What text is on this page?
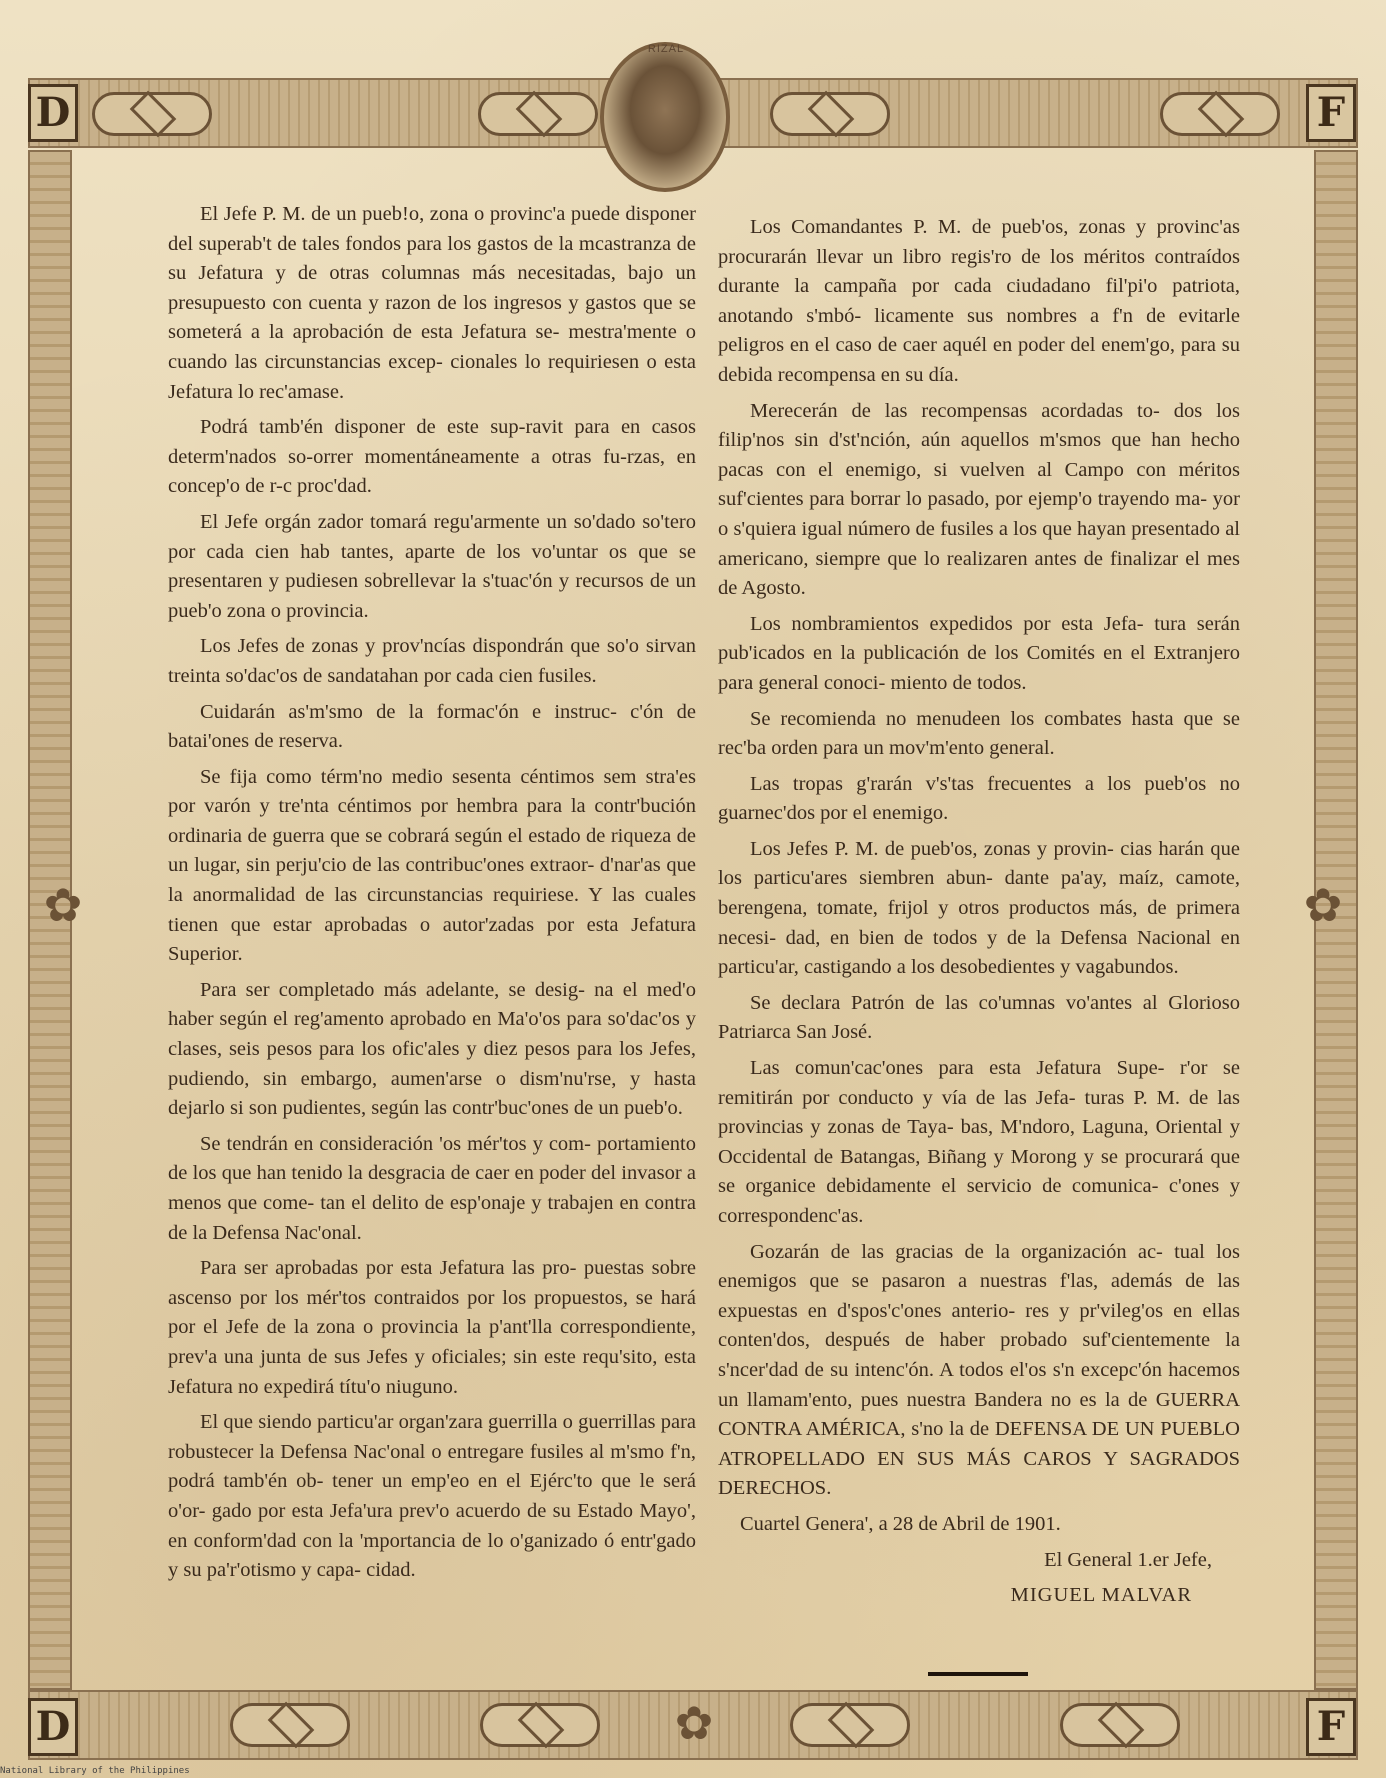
✿
✿	✿
D	F
D	F
RIZAL

El Jefe P. M. de un pueb!o, zona o provinc'a puede disponer del superab't de tales fondos para los gastos de la mcastranza de su Jefatura y de otras columnas más necesitadas, bajo un presupuesto con cuenta y razon de los ingresos y gastos que se someterá a la aprobación de esta Jefatura se- mestra'mente o cuando las circunstancias excep- cionales lo requiriesen o esta Jefatura lo rec'amase.

Podrá tamb'én disponer de este sup-ravit para en casos determ'nados so-orrer momentáneamente a otras fu-rzas, en concep'o de r-c proc'dad.

El Jefe orgán zador tomará regu'armente un so'dado so'tero por cada cien hab tantes, aparte de los vo'untar os que se presentaren y pudiesen sobrellevar la s'tuac'ón y recursos de un pueb'o zona o provincia.

Los Jefes de zonas y prov'ncías dispondrán que so'o sirvan treinta so'dac'os de sandatahan por cada cien fusiles.

Cuidarán as'm'smo de la formac'ón e instruc- c'ón de batai'ones de reserva.

Se fija como térm'no medio sesenta céntimos sem stra'es por varón y tre'nta céntimos por hembra para la contr'bución ordinaria de guerra que se cobrará según el estado de riqueza de un lugar, sin perju'cio de las contribuc'ones extraor- d'nar'as que la anormalidad de las circunstancias requiriese. Y las cuales tienen que estar aprobadas o autor'zadas por esta Jefatura Superior.

Para ser completado más adelante, se desig- na el med'o haber según el reg'amento aprobado en Ma'o'os para so'dac'os y clases, seis pesos para los ofic'ales y diez pesos para los Jefes, pudiendo, sin embargo, aumen'arse o dism'nu'rse, y hasta dejarlo si son pudientes, según las contr'buc'ones de un pueb'o.

Se tendrán en consideración 'os mér'tos y com- portamiento de los que han tenido la desgracia de caer en poder del invasor a menos que come- tan el delito de esp'onaje y trabajen en contra de la Defensa Nac'onal.

Para ser aprobadas por esta Jefatura las pro- puestas sobre ascenso por los mér'tos contraidos por los propuestos, se hará por el Jefe de la zona o provincia la p'ant'lla correspondiente, prev'a una junta de sus Jefes y oficiales; sin este requ'sito, esta Jefatura no expedirá títu'o niuguno.

El que siendo particu'ar organ'zara guerrilla o guerrillas para robustecer la Defensa Nac'onal o entregare fusiles al m'smo f'n, podrá tamb'én ob- tener un emp'eo en el Ejérc'to que le será o'or- gado por esta Jefa'ura prev'o acuerdo de su Estado Mayo', en conform'dad con la 'mportancia de lo o'ganizado ó entr'gado y su pa'r'otismo y capa- cidad.

Los Comandantes P. M. de pueb'os, zonas y provinc'as procurarán llevar un libro regis'ro de los méritos contraídos durante la campaña por cada ciudadano fil'pi'o patriota, anotando s'mbó- licamente sus nombres a f'n de evitarle peligros en el caso de caer aquél en poder del enem'go, para su debida recompensa en su día.

Merecerán de las recompensas acordadas to- dos los filip'nos sin d'st'nción, aún aquellos m'smos que han hecho pacas con el enemigo, si vuelven al Campo con méritos suf'cientes para borrar lo pasado, por ejemp'o trayendo ma- yor o s'quiera igual número de fusiles a los que hayan presentado al americano, siempre que lo realizaren antes de finalizar el mes de Agosto.

Los nombramientos expedidos por esta Jefa- tura serán pub'icados en la publicación de los Comités en el Extranjero para general conoci- miento de todos.

Se recomienda no menudeen los combates hasta que se rec'ba orden para un mov'm'ento general.

Las tropas g'rarán v's'tas frecuentes a los pueb'os no guarnec'dos por el enemigo.

Los Jefes P. M. de pueb'os, zonas y provin- cias harán que los particu'ares siembren abun- dante pa'ay, maíz, camote, berengena, tomate, frijol y otros productos más, de primera necesi- dad, en bien de todos y de la Defensa Nacional en particu'ar, castigando a los desobedientes y vagabundos.

Se declara Patrón de las co'umnas vo'antes al Glorioso Patriarca San José.

Las comun'cac'ones para esta Jefatura Supe- r'or se remitirán por conducto y vía de las Jefa- turas P. M. de las provincias y zonas de Taya- bas, M'ndoro, Laguna, Oriental y Occidental de Batangas, Biñang y Morong y se procurará que se organice debidamente el servicio de comunica- c'ones y correspondenc'as.

Gozarán de las gracias de la organización ac- tual los enemigos que se pasaron a nuestras f'las, además de las expuestas en d'spos'c'ones anterio- res y pr'vileg'os en ellas conten'dos, después de haber probado suf'cientemente la s'ncer'dad de su intenc'ón. A todos el'os s'n excepc'ón hacemos un llamam'ento, pues nuestra Bandera no es la de GUERRA CONTRA AMÉRICA, s'no la de DEFENSA DE UN PUEBLO ATROPELLADO EN SUS MÁS CAROS Y SAGRADOS DERECHOS.

Cuartel Genera', a 28 de Abril de 1901.

El General 1.er Jefe,

MIGUEL MALVAR

National Library of the Philippines
